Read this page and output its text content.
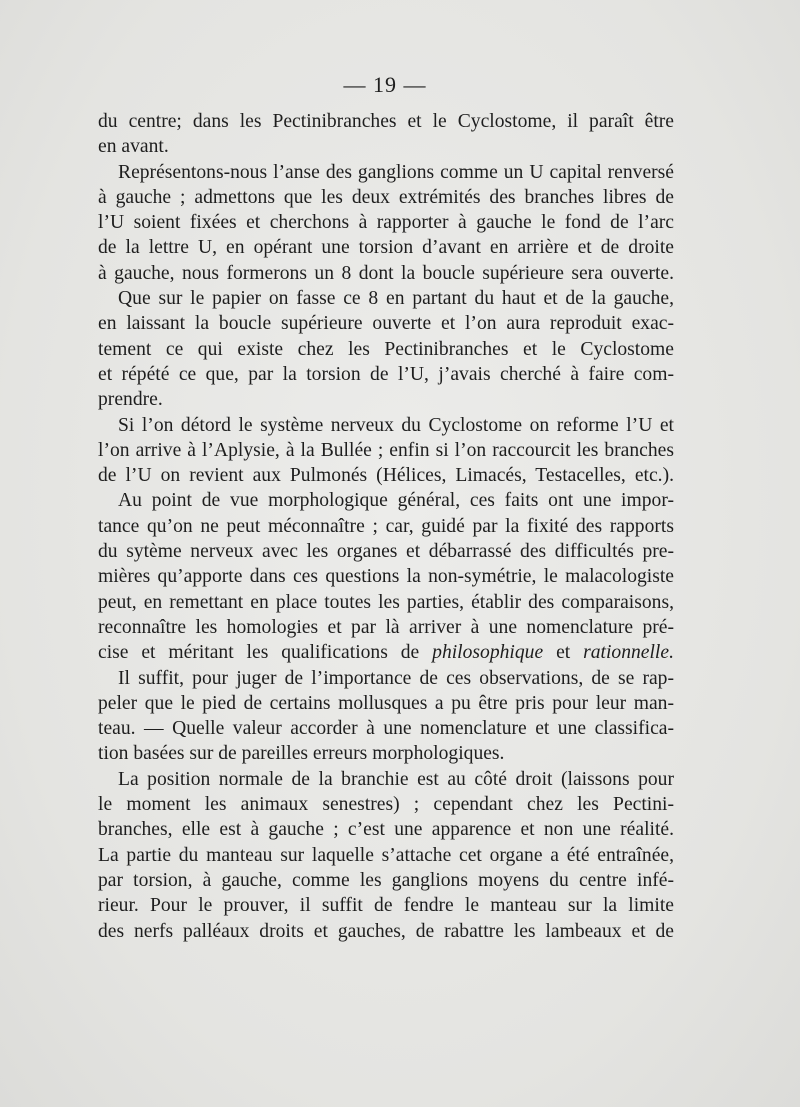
— 19 —
du centre; dans les Pectinibranches et le Cyclostome, il paraît être
en avant.
Représentons-nous l’anse des ganglions comme un U capital renversé
à gauche ; admettons que les deux extrémités des branches libres de
l’U soient fixées et cherchons à rapporter à gauche le fond de l’arc
de la lettre U, en opérant une torsion d’avant en arrière et de droite
à gauche, nous formerons un 8 dont la boucle supérieure sera ouverte.
Que sur le papier on fasse ce 8 en partant du haut et de la gauche,
en laissant la boucle supérieure ouverte et l’on aura reproduit exac-
tement ce qui existe chez les Pectinibranches et le Cyclostome
et répété ce que, par la torsion de l’U, j’avais cherché à faire com-
prendre.
Si l’on détord le système nerveux du Cyclostome on reforme l’U et
l’on arrive à l’Aplysie, à la Bullée ; enfin si l’on raccourcit les branches
de l’U on revient aux Pulmonés (Hélices, Limacés, Testacelles, etc.).
Au point de vue morphologique général, ces faits ont une impor-
tance qu’on ne peut méconnaître ; car, guidé par la fixité des rapports
du sytème nerveux avec les organes et débarrassé des difficultés pre-
mières qu’apporte dans ces questions la non-symétrie, le malacologiste
peut, en remettant en place toutes les parties, établir des comparaisons,
reconnaître les homologies et par là arriver à une nomenclature pré-
cise et méritant les qualifications de philosophique et rationnelle.
Il suffit, pour juger de l’importance de ces observations, de se rap-
peler que le pied de certains mollusques a pu être pris pour leur man-
teau. — Quelle valeur accorder à une nomenclature et une classifica-
tion basées sur de pareilles erreurs morphologiques.
La position normale de la branchie est au côté droit (laissons pour
le moment les animaux senestres) ; cependant chez les Pectini-
branches, elle est à gauche ; c’est une apparence et non une réalité.
La partie du manteau sur laquelle s’attache cet organe a été entraînée,
par torsion, à gauche, comme les ganglions moyens du centre infé-
rieur. Pour le prouver, il suffit de fendre le manteau sur la limite
des nerfs palléaux droits et gauches, de rabattre les lambeaux et de
